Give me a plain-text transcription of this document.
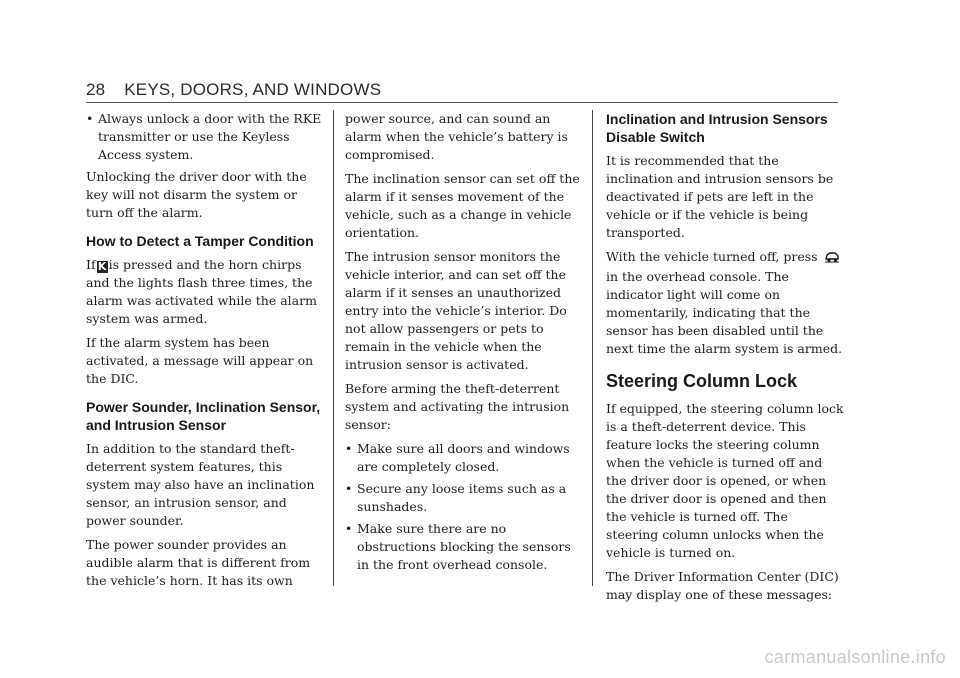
28 KEYS, DOORS, AND WINDOWS
• Always unlock a door with the RKE transmitter or use the Keyless Access system.

Unlocking the driver door with the key will not disarm the system or turn off the alarm.

How to Detect a Tamper Condition

If K is pressed and the horn chirps and the lights flash three times, the alarm was activated while the alarm system was armed.

If the alarm system has been activated, a message will appear on the DIC.

Power Sounder, Inclination Sensor, and Intrusion Sensor

In addition to the standard theft-deterrent system features, this system may also have an inclination sensor, an intrusion sensor, and power sounder.

The power sounder provides an audible alarm that is different from the vehicle’s horn. It has its own

power source, and can sound an alarm when the vehicle’s battery is compromised.

The inclination sensor can set off the alarm if it senses movement of the vehicle, such as a change in vehicle orientation.

The intrusion sensor monitors the vehicle interior, and can set off the alarm if it senses an unauthorized entry into the vehicle’s interior. Do not allow passengers or pets to remain in the vehicle when the intrusion sensor is activated.

Before arming the theft-deterrent system and activating the intrusion sensor:

• Make sure all doors and windows are completely closed.
• Secure any loose items such as a sunshades.
• Make sure there are no obstructions blocking the sensors in the front overhead console.
Inclination and Intrusion Sensors Disable Switch

It is recommended that the inclination and intrusion sensors be deactivated if pets are left in the vehicle or if the vehicle is being transported.

With the vehicle turned off, press  in the overhead console. The indicator light will come on momentarily, indicating that the sensor has been disabled until the next time the alarm system is armed.

Steering Column Lock

If equipped, the steering column lock is a theft-deterrent device. This feature locks the steering column when the vehicle is turned off and the driver door is opened, or when the driver door is opened and then the vehicle is turned off. The steering column unlocks when the vehicle is turned on.

The Driver Information Center (DIC) may display one of these messages:

carmanualsonline.info
